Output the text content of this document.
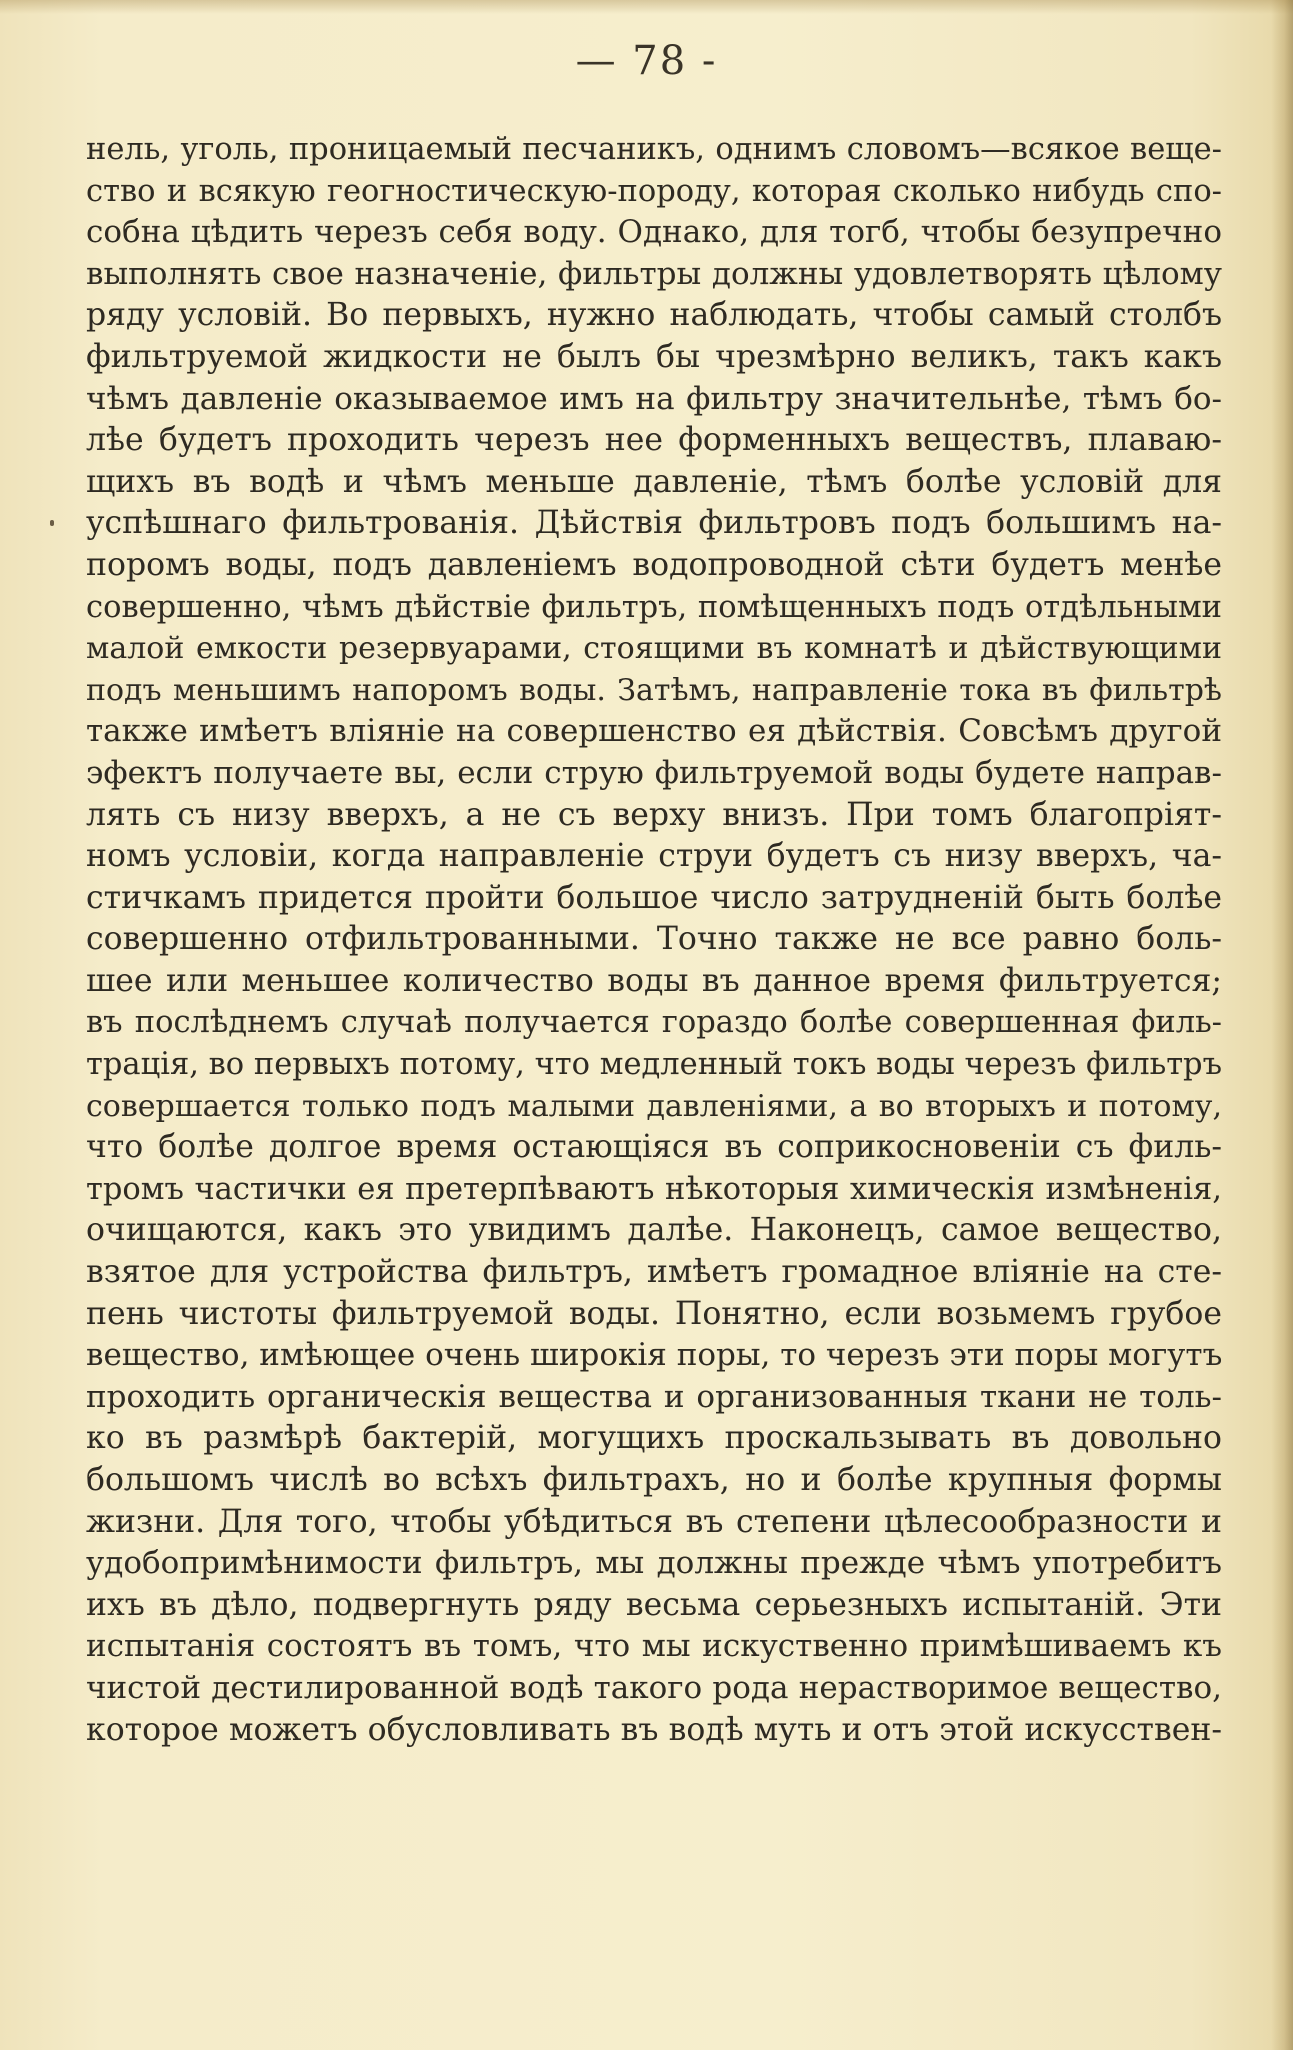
— 78 -
нель, уголь, проницаемый песчаникъ, однимъ словомъ—всякое веще-
ство и всякую геогностическую-породу, которая сколько нибудь спо-
собна цѣдить черезъ себя воду. Однако, для тогб, чтобы безупречно
выполнять свое назначеніе, фильтры должны удовлетворять цѣлому
ряду условій. Во первыхъ, нужно наблюдать, чтобы самый столбъ
фильтруемой жидкости не былъ бы чрезмѣрно великъ, такъ какъ
чѣмъ давленіе оказываемое имъ на фильтру значительнѣе, тѣмъ бо-
лѣе будетъ проходить черезъ нее форменныхъ веществъ, плаваю-
щихъ въ водѣ и чѣмъ меньше давленіе, тѣмъ болѣе условій для
успѣшнаго фильтрованія. Дѣйствія фильтровъ подъ большимъ на-
поромъ воды, подъ давленіемъ водопроводной сѣти будетъ менѣе
совершенно, чѣмъ дѣйствіе фильтръ, помѣщенныхъ подъ отдѣльными
малой емкости резервуарами, стоящими въ комнатѣ и дѣйствующими
подъ меньшимъ напоромъ воды. Затѣмъ, направленіе тока въ фильтрѣ
также имѣетъ вліяніе на совершенство ея дѣйствія. Совсѣмъ другой
эфектъ получаете вы, если струю фильтруемой воды будете направ-
лять съ низу вверхъ, а не съ верху внизъ. При томъ благопріят-
номъ условіи, когда направленіе струи будетъ съ низу вверхъ, ча-
стичкамъ придется пройти большое число затрудненій быть болѣе
совершенно отфильтрованными. Точно также не все равно боль-
шее или меньшее количество воды въ данное время фильтруется;
въ послѣднемъ случаѣ получается гораздо болѣе совершенная филь-
трація, во первыхъ потому, что медленный токъ воды черезъ фильтръ
совершается только подъ малыми давленіями, а во вторыхъ и потому,
что болѣе долгое время остающіяся въ соприкосновеніи съ филь-
тромъ частички ея претерпѣваютъ нѣкоторыя химическія измѣненія,
очищаются, какъ это увидимъ далѣе. Наконецъ, самое вещество,
взятое для устройства фильтръ, имѣетъ громадное вліяніе на сте-
пень чистоты фильтруемой воды. Понятно, если возьмемъ грубое
вещество, имѣющее очень широкія поры, то черезъ эти поры могутъ
проходить органическія вещества и организованныя ткани не толь-
ко въ размѣрѣ бактерій, могущихъ проскальзывать въ довольно
большомъ числѣ во всѣхъ фильтрахъ, но и болѣе крупныя формы
жизни. Для того, чтобы убѣдиться въ степени цѣлесообразности и
удобопримѣнимости фильтръ, мы должны прежде чѣмъ употребитъ
ихъ въ дѣло, подвергнуть ряду весьма серьезныхъ испытаній. Эти
испытанія состоятъ въ томъ, что мы искуственно примѣшиваемъ къ
чистой дестилированной водѣ такого рода нерастворимое вещество,
которое можетъ обусловливать въ водѣ муть и отъ этой искусствен-
